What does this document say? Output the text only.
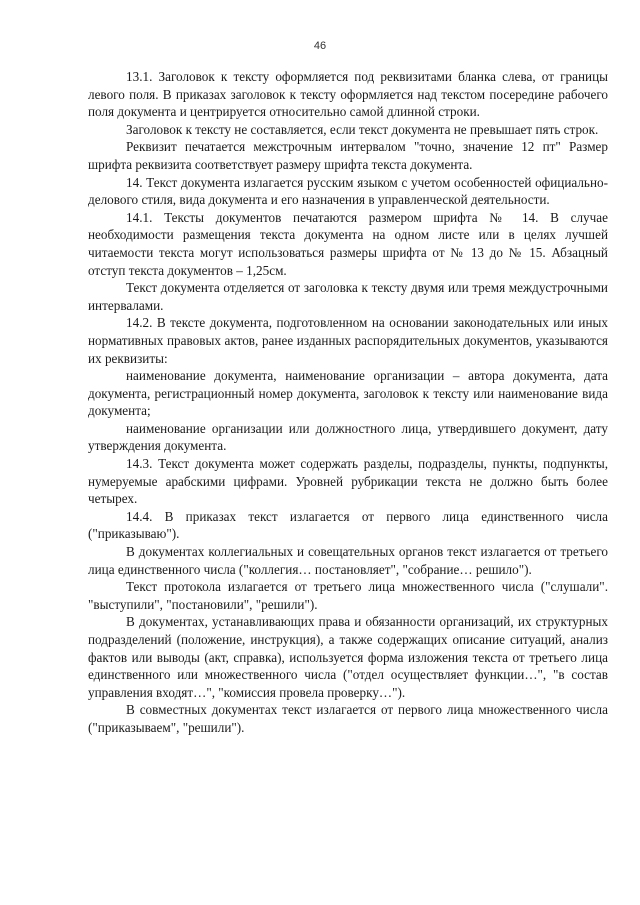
46

13.1. Заголовок к тексту оформляется под реквизитами бланка слева, от границы левого поля. В приказах заголовок к тексту оформляется над текстом посередине рабочего поля документа и центрируется относительно самой длинной строки.

Заголовок к тексту не составляется, если текст документа не превышает пять строк.

Реквизит печатается межстрочным интервалом "точно, значение 12 пт" Размер шрифта реквизита соответствует размеру шрифта текста документа.

14. Текст документа излагается русским языком с учетом особенностей официально-делового стиля, вида документа и его назначения в управленческой деятельности.

14.1. Тексты документов печатаются размером шрифта № 14. В случае необходимости размещения текста документа на одном листе или в целях лучшей читаемости текста могут использоваться размеры шрифта от № 13 до № 15. Абзацный отступ текста документов – 1,25см.

Текст документа отделяется от заголовка к тексту двумя или тремя междустрочными интервалами.

14.2. В тексте документа, подготовленном на основании законодательных или иных нормативных правовых актов, ранее изданных распорядительных документов, указываются их реквизиты:

наименование документа, наименование организации – автора документа, дата документа, регистрационный номер документа, заголовок к тексту или наименование вида документа;

наименование организации или должностного лица, утвердившего документ, дату утверждения документа.

14.3. Текст документа может содержать разделы, подразделы, пункты, подпункты, нумеруемые арабскими цифрами. Уровней рубрикации текста не должно быть более четырех.

14.4. В приказах текст излагается от первого лица единственного числа ("приказываю").

В документах коллегиальных и совещательных органов текст излагается от третьего лица единственного числа ("коллегия… постановляет", "собрание… решило").

Текст протокола излагается от третьего лица множественного числа ("слушали". "выступили", "постановили", "решили").

В документах, устанавливающих права и обязанности организаций, их структурных подразделений (положение, инструкция), а также содержащих описание ситуаций, анализ фактов или выводы (акт, справка), используется форма изложения текста от третьего лица единственного или множественного числа ("отдел осуществляет функции…", "в состав управления входят…", "комиссия провела проверку…").

В совместных документах текст излагается от первого лица множественного числа ("приказываем", "решили").
